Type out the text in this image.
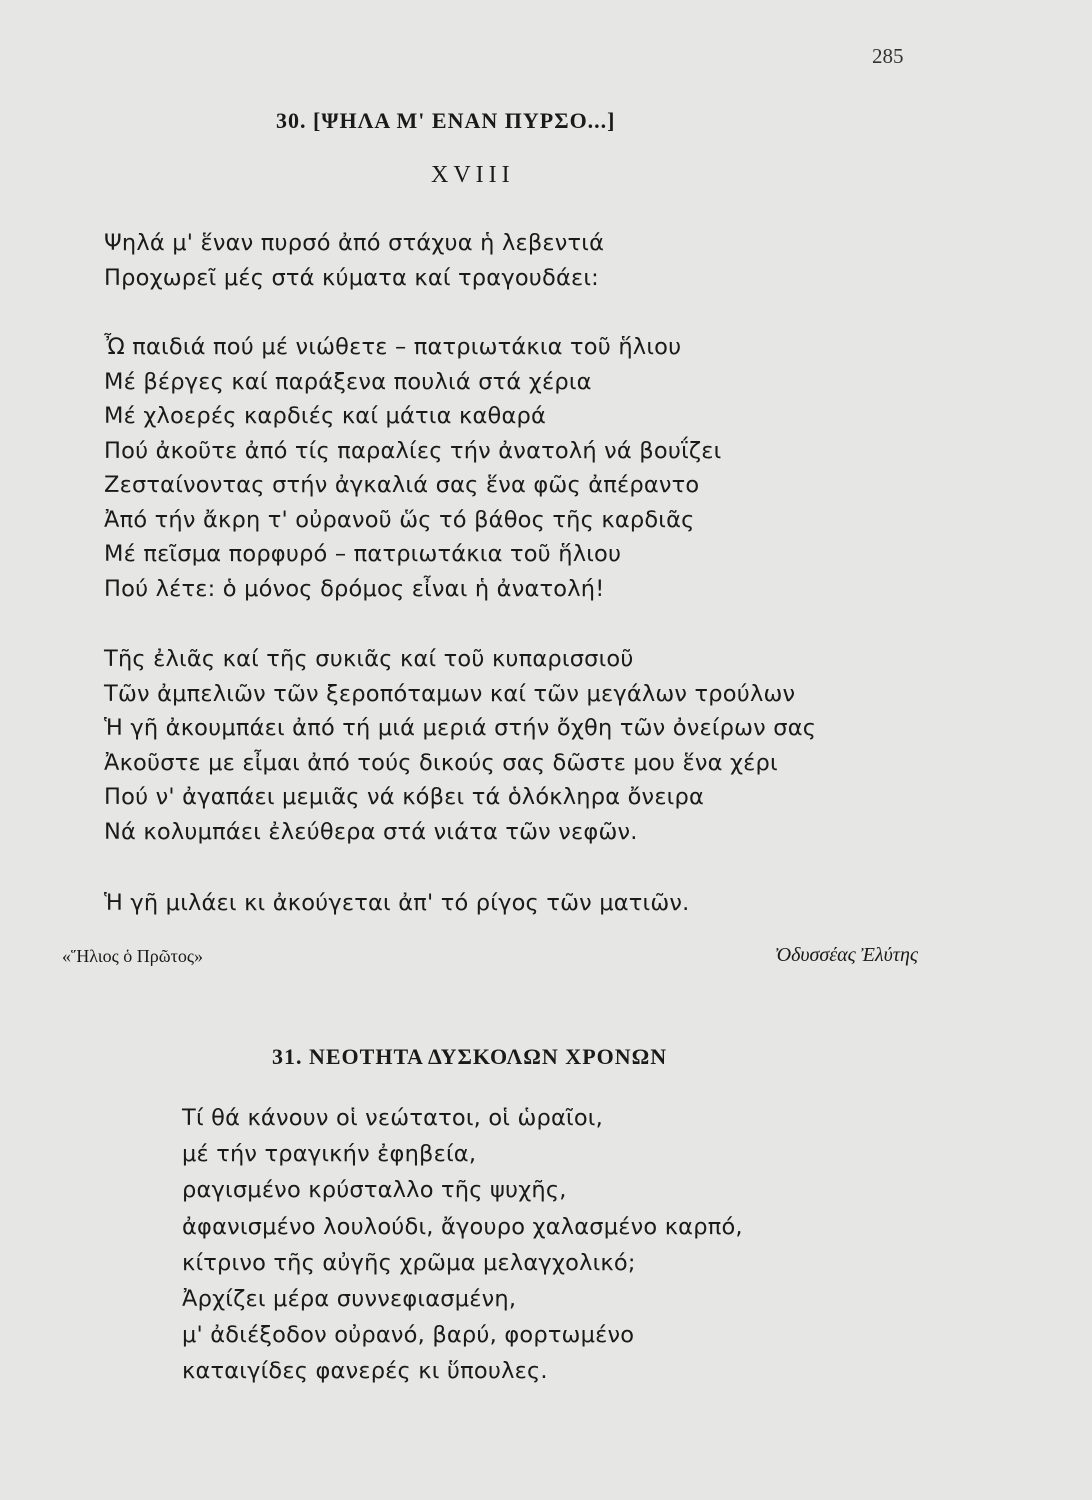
285
30. [ΨΗΛΑ Μ' ΕΝΑΝ ΠΥΡΣΟ...]
XVIII
Ψηλά μ' ἕναν πυρσό ἀπό στάχυα ἡ λεβεντιά
Προχωρεῖ μές στά κύματα καί τραγουδάει:
Ὦ παιδιά πού μέ νιώθετε – πατριωτάκια τοῦ ἥλιου
Μέ βέργες καί παράξενα πουλιά στά χέρια
Μέ χλοερές καρδιές καί μάτια καθαρά
Πού ἀκοῦτε ἀπό τίς παραλίες τήν ἀνατολή νά βουΐζει
Ζεσταίνοντας στήν ἀγκαλιά σας ἕνα φῶς ἀπέραντο
Ἀπό τήν ἄκρη τ' οὐρανοῦ ὥς τό βάθος τῆς καρδιᾶς
Μέ πεῖσμα πορφυρό – πατριωτάκια τοῦ ἥλιου
Πού λέτε: ὁ μόνος δρόμος εἶναι ἡ ἀνατολή!
Τῆς ἐλιᾶς καί τῆς συκιᾶς καί τοῦ κυπαρισσιοῦ
Τῶν ἀμπελιῶν τῶν ξεροπόταμων καί τῶν μεγάλων τρούλων
Ἡ γῆ ἀκουμπάει ἀπό τή μιά μεριά στήν ὄχθη τῶν ὀνείρων σας
Ἀκοῦστε με εἶμαι ἀπό τούς δικούς σας δῶστε μου ἕνα χέρι
Πού ν' ἀγαπάει μεμιᾶς νά κόβει τά ὁλόκληρα ὄνειρα
Νά κολυμπάει ἐλεύθερα στά νιάτα τῶν νεφῶν.
Ἡ γῆ μιλάει κι ἀκούγεται ἀπ' τό ρίγος τῶν ματιῶν.
«Ἥλιος ὁ Πρῶτος»	Ὀδυσσέας Ἐλύτης
31. ΝΕΟΤΗΤΑ ΔΥΣΚΟΛΩΝ ΧΡΟΝΩΝ
Τί θά κάνουν οἱ νεώτατοι, οἱ ὡραῖοι,
μέ τήν τραγικήν ἐφηβεία,
ραγισμένο κρύσταλλο τῆς ψυχῆς,
ἀφανισμένο λουλούδι, ἄγουρο χαλασμένο καρπό,
κίτρινο τῆς αὐγῆς χρῶμα μελαγχολικό;
Ἀρχίζει μέρα συννεφιασμένη,
μ' ἀδιέξοδον οὐρανό, βαρύ, φορτωμένο
καταιγίδες φανερές κι ὕπουλες.
